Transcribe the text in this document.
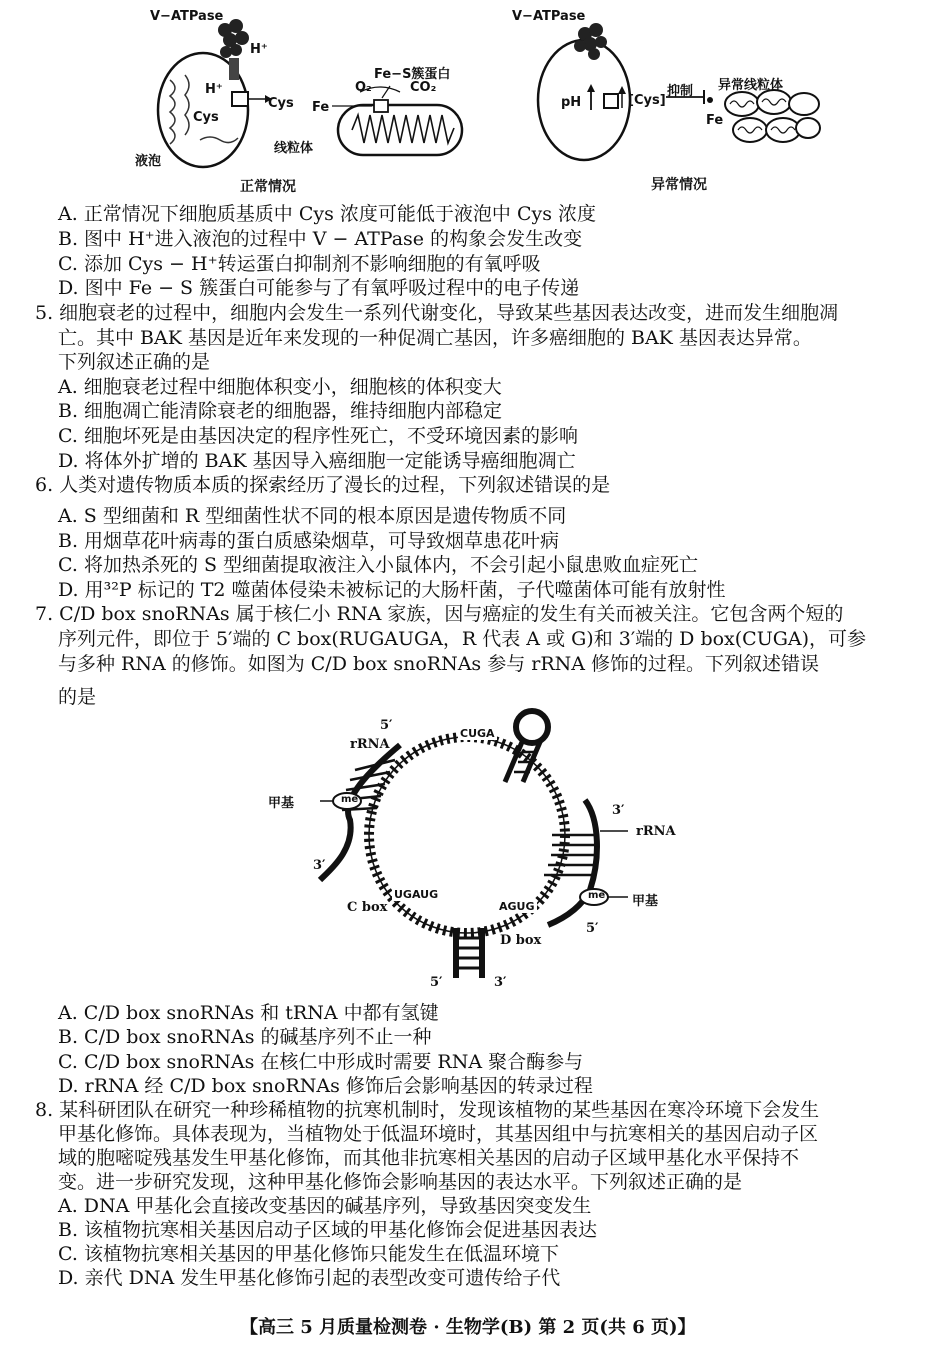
V−ATPase
H⁺
H⁺
Cys
Cys
液泡
Fe
Fe−S簇蛋白
O₂	CO₂
线粒体
V−ATPase
pH	[Cys]
抑制 异常线粒体
Fe
正常情况	异常情况
A. 正常情况下细胞质基质中 Cys 浓度可能低于液泡中 Cys 浓度
B. 图中 H⁺进入液泡的过程中 V − ATPase 的构象会发生改变
C. 添加 Cys − H⁺转运蛋白抑制剂不影响细胞的有氧呼吸
D. 图中 Fe − S 簇蛋白可能参与了有氧呼吸过程中的电子传递
5. 细胞衰老的过程中，细胞内会发生一系列代谢变化，导致某些基因表达改变，进而发生细胞凋
亡。其中 BAK 基因是近年来发现的一种促凋亡基因，许多癌细胞的 BAK 基因表达异常。
下列叙述正确的是
A. 细胞衰老过程中细胞体积变小，细胞核的体积变大
B. 细胞凋亡能清除衰老的细胞器，维持细胞内部稳定
C. 细胞坏死是由基因决定的程序性死亡，不受环境因素的影响
D. 将体外扩增的 BAK 基因导入癌细胞一定能诱导癌细胞凋亡
6. 人类对遗传物质本质的探索经历了漫长的过程，下列叙述错误的是
A. S 型细菌和 R 型细菌性状不同的根本原因是遗传物质不同
B. 用烟草花叶病毒的蛋白质感染烟草，可导致烟草患花叶病
C. 将加热杀死的 S 型细菌提取液注入小鼠体内，不会引起小鼠患败血症死亡
D. 用³²P 标记的 T2 噬菌体侵染未被标记的大肠杆菌，子代噬菌体可能有放射性
7. C/D box snoRNAs 属于核仁小 RNA 家族，因与癌症的发生有关而被关注。它包含两个短的
序列元件，即位于 5′端的 C box(RUGAUGA，R 代表 A 或 G)和 3′端的 D box(CUGA)，可参
与多种 RNA 的修饰。如图为 C/D box snoRNAs 参与 rRNA 修饰的过程。下列叙述错误
的是
5′
rRNA
甲基
3′
C box
5′	3′
D box
3′
rRNA
甲基
5′
CUGA
UGAUG
AGUG
me
me
A. C/D box snoRNAs 和 tRNA 中都有氢键
B. C/D box snoRNAs 的碱基序列不止一种
C. C/D box snoRNAs 在核仁中形成时需要 RNA 聚合酶参与
D. rRNA 经 C/D box snoRNAs 修饰后会影响基因的转录过程
8. 某科研团队在研究一种珍稀植物的抗寒机制时，发现该植物的某些基因在寒冷环境下会发生
甲基化修饰。具体表现为，当植物处于低温环境时，其基因组中与抗寒相关的基因启动子区
域的胞嘧啶残基发生甲基化修饰，而其他非抗寒相关基因的启动子区域甲基化水平保持不
变。进一步研究发现，这种甲基化修饰会影响基因的表达水平。下列叙述正确的是
A. DNA 甲基化会直接改变基因的碱基序列，导致基因突变发生
B. 该植物抗寒相关基因启动子区域的甲基化修饰会促进基因表达
C. 该植物抗寒相关基因的甲基化修饰只能发生在低温环境下
D. 亲代 DNA 发生甲基化修饰引起的表型改变可遗传给子代
【高三 5 月质量检测卷 · 生物学(B) 第 2 页(共 6 页)】
